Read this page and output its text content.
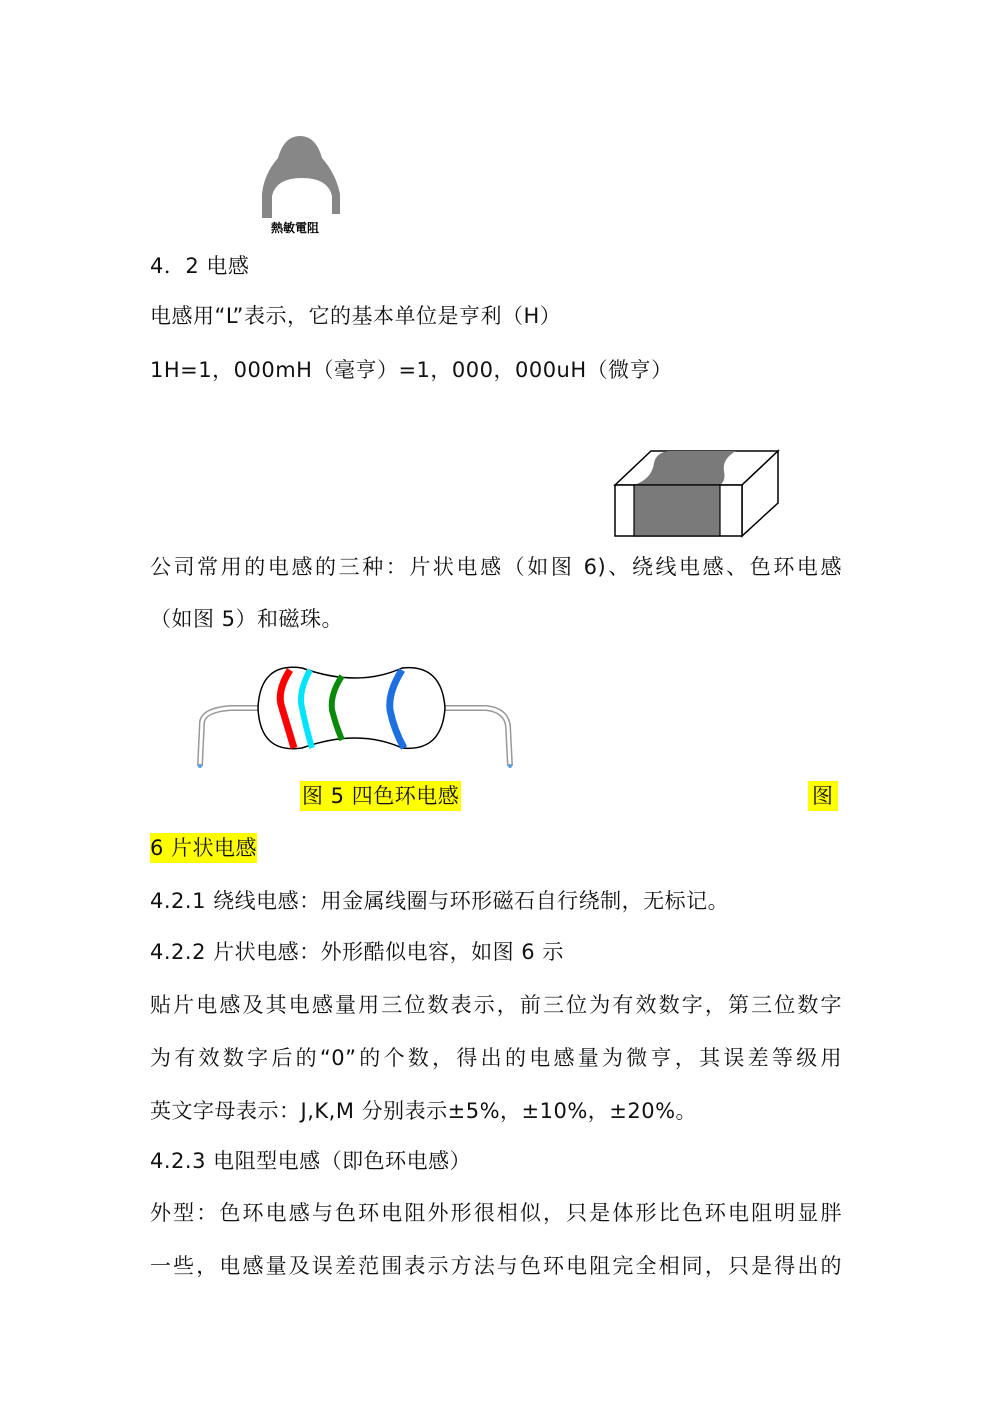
熱敏電阻
4．2 电感
电感用“L”表示，它的基本单位是亨利（H）
1H=1，000mH（毫亨）=1，000，000uH（微亨）
公司常用的电感的三种：片状电感（如图 6)、绕线电感、色环电感
（如图 5）和磁珠。
图 5 四色环电感	图
6 片状电感
4.2.1 绕线电感：用金属线圈与环形磁石自行绕制，无标记。
4.2.2 片状电感：外形酷似电容，如图 6 示
贴片电感及其电感量用三位数表示，前三位为有效数字，第三位数字
为有效数字后的“0”的个数，得出的电感量为微亨，其误差等级用
英文字母表示：J,K,M 分别表示±5%，±10%，±20%。
4.2.3 电阻型电感（即色环电感）
外型：色环电感与色环电阻外形很相似，只是体形比色环电阻明显胖
一些，电感量及误差范围表示方法与色环电阻完全相同，只是得出的
